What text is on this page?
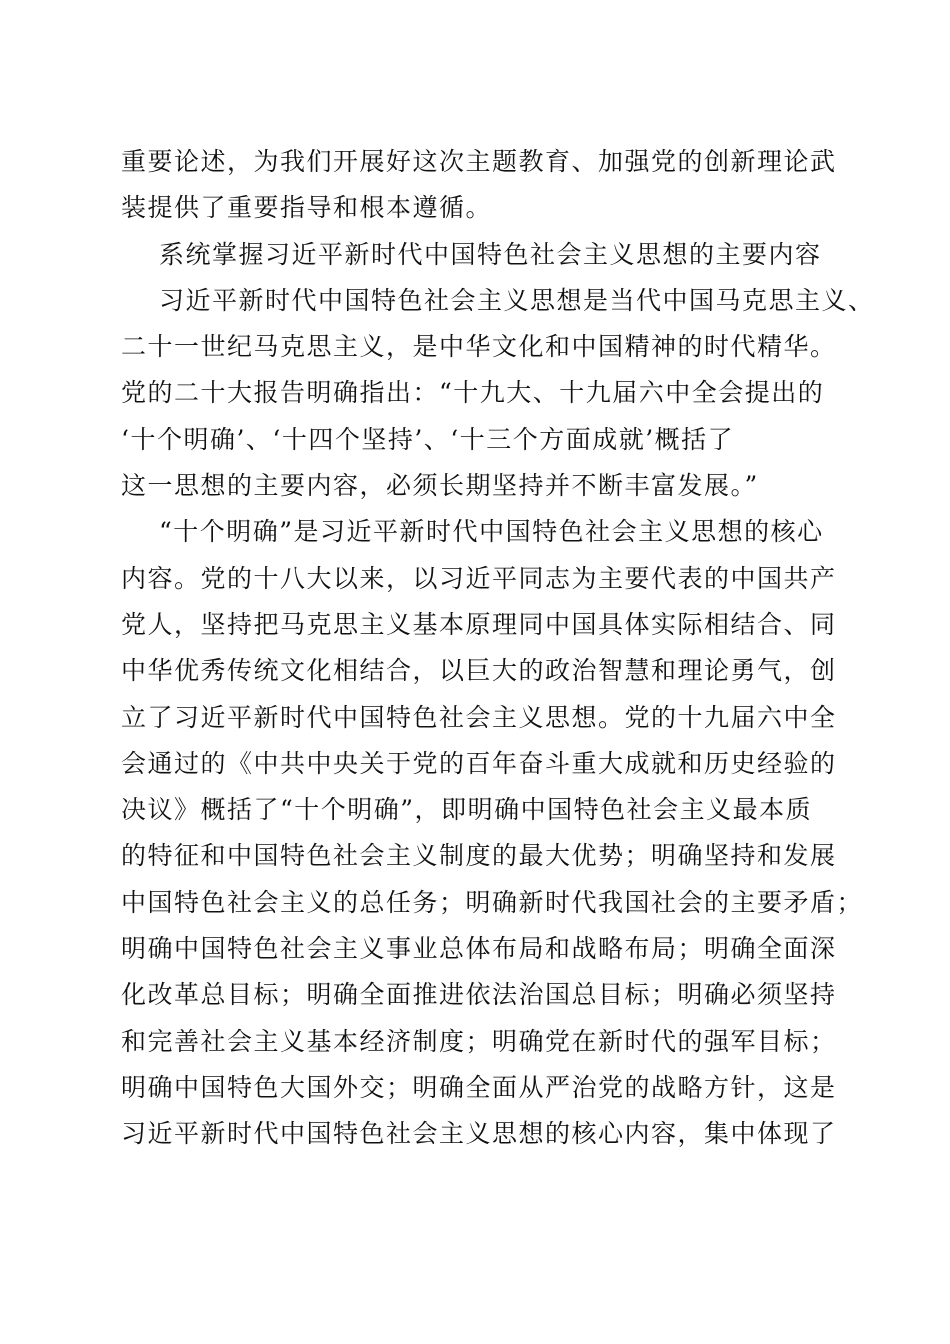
重要论述，为我们开展好这次主题教育、加强党的创新理论武
装提供了重要指导和根本遵循。
系统掌握习近平新时代中国特色社会主义思想的主要内容
习近平新时代中国特色社会主义思想是当代中国马克思主义、
二十一世纪马克思主义，是中华文化和中国精神的时代精华。
党的二十大报告明确指出：“十九大、十九届六中全会提出的
‘十个明确’、‘十四个坚持’、‘十三个方面成就’概括了
这一思想的主要内容，必须长期坚持并不断丰富发展。”
“十个明确”是习近平新时代中国特色社会主义思想的核心
内容。党的十八大以来，以习近平同志为主要代表的中国共产
党人，坚持把马克思主义基本原理同中国具体实际相结合、同
中华优秀传统文化相结合，以巨大的政治智慧和理论勇气，创
立了习近平新时代中国特色社会主义思想。党的十九届六中全
会通过的《中共中央关于党的百年奋斗重大成就和历史经验的
决议》概括了“十个明确”，即明确中国特色社会主义最本质
的特征和中国特色社会主义制度的最大优势；明确坚持和发展
中国特色社会主义的总任务；明确新时代我国社会的主要矛盾；
明确中国特色社会主义事业总体布局和战略布局；明确全面深
化改革总目标；明确全面推进依法治国总目标；明确必须坚持
和完善社会主义基本经济制度；明确党在新时代的强军目标；
明确中国特色大国外交；明确全面从严治党的战略方针，这是
习近平新时代中国特色社会主义思想的核心内容，集中体现了
